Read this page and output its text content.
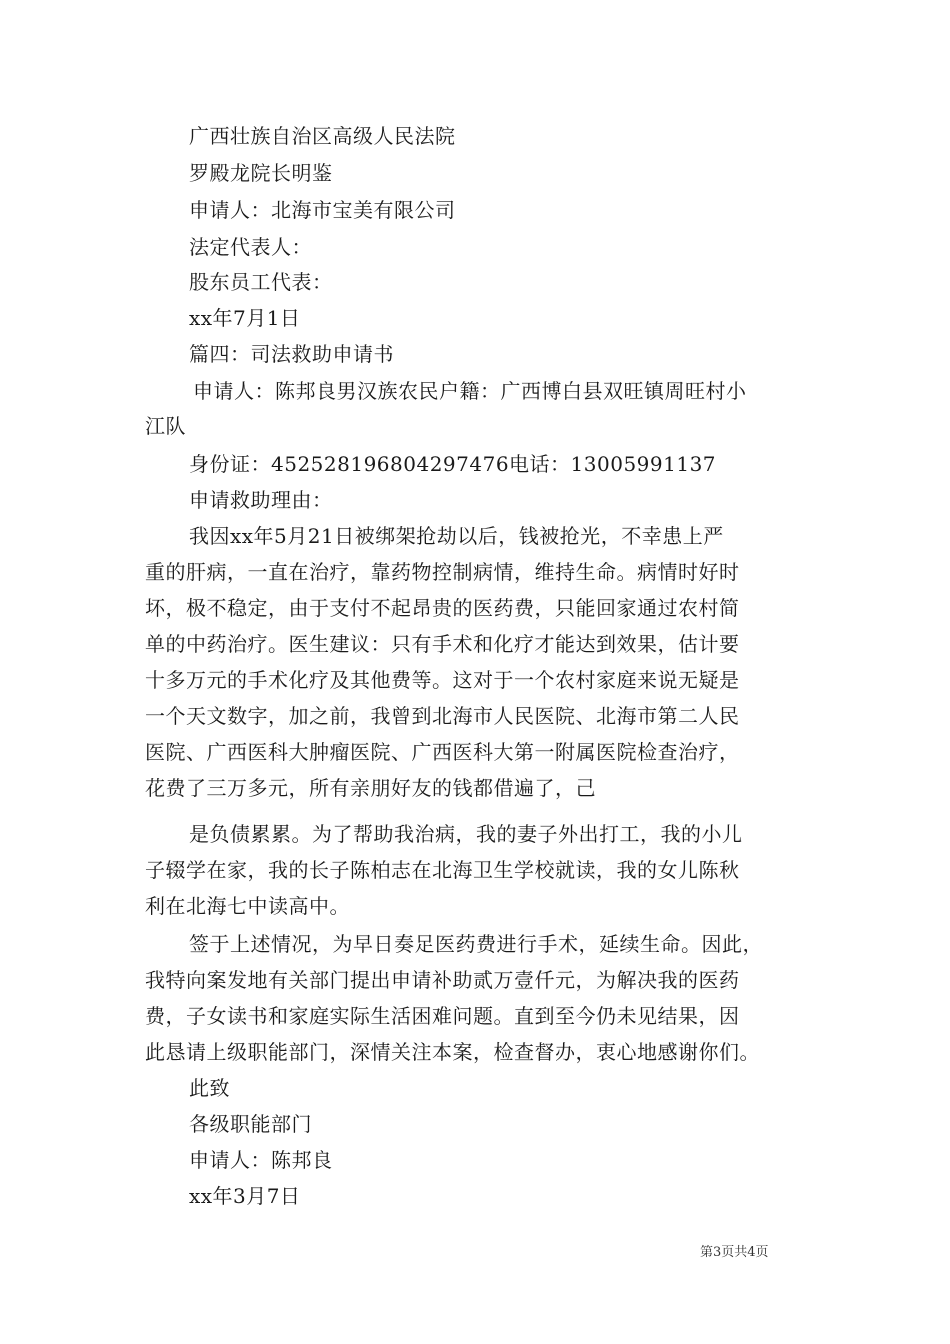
广西壮族自治区高级人民法院
罗殿龙院长明鉴
申请人：北海市宝美有限公司
法定代表人：
股东员工代表：
xx年7月1日
篇四：司法救助申请书
申请人：陈邦良男汉族农民户籍：广西博白县双旺镇周旺村小
江队
身份证：452528196804297476电话：13005991137
申请救助理由：
我因xx年5月21日被绑架抢劫以后，钱被抢光，不幸患上严
重的肝病，一直在治疗，靠药物控制病情，维持生命。病情时好时
坏，极不稳定，由于支付不起昂贵的医药费，只能回家通过农村简
单的中药治疗。医生建议：只有手术和化疗才能达到效果，估计要
十多万元的手术化疗及其他费等。这对于一个农村家庭来说无疑是
一个天文数字，加之前，我曾到北海市人民医院、北海市第二人民
医院、广西医科大肿瘤医院、广西医科大第一附属医院检查治疗，
花费了三万多元，所有亲朋好友的钱都借遍了，己
是负债累累。为了帮助我治病，我的妻子外出打工，我的小儿
子辍学在家，我的长子陈柏志在北海卫生学校就读，我的女儿陈秋
利在北海七中读高中。
签于上述情况，为早日奏足医药费进行手术，延续生命。因此，
我特向案发地有关部门提出申请补助贰万壹仟元，为解决我的医药
费，子女读书和家庭实际生活困难问题。直到至今仍未见结果，因
此恳请上级职能部门，深情关注本案，检查督办，衷心地感谢你们。
此致
各级职能部门
申请人：陈邦良
xx年3月7日
第3页共4页
